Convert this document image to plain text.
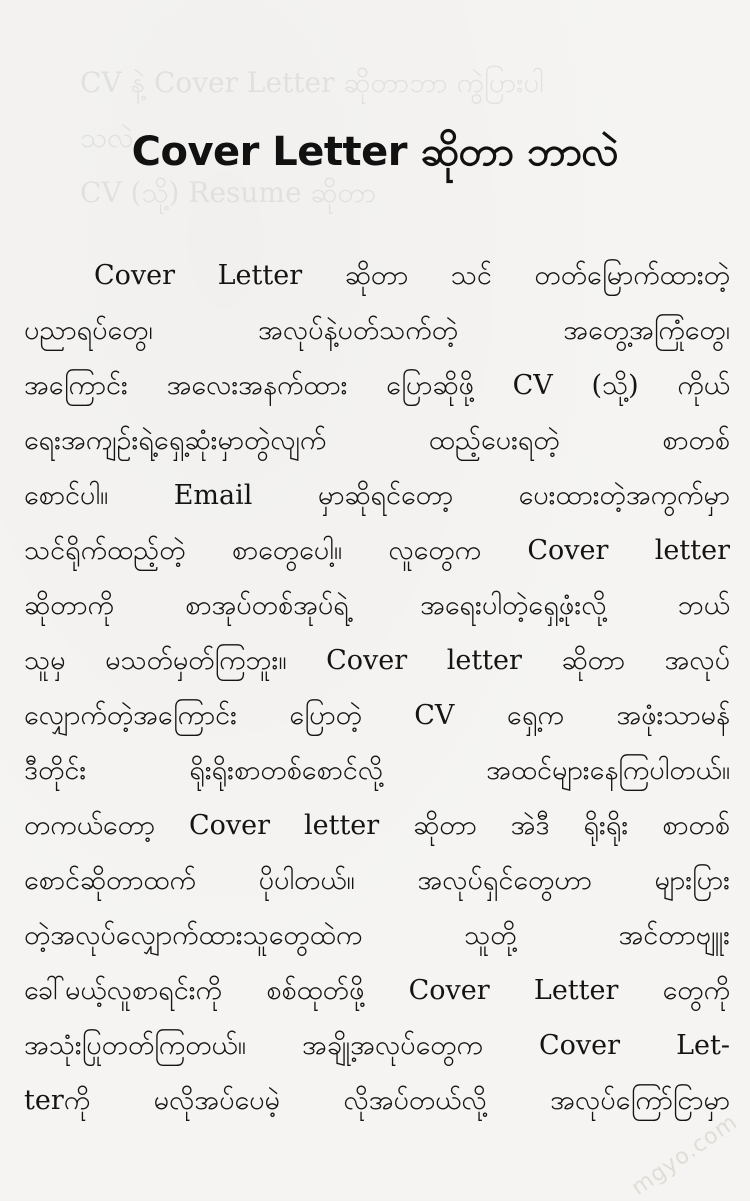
CV နဲ့ Cover Letter ဆိုတာဘာ ကွဲပြားပါ
သလဲ
CV (သို့) Resume ဆိုတာ
Cover Letter ဆိုတာ ဘာလဲ
Cover Letter ဆိုတာ သင် တတ်မြောက်ထားတဲ့
ပညာရပ်တွေ၊ အလုပ်နဲ့ပတ်သက်တဲ့ အတွေ့အကြုံတွေ၊
အကြောင်း အလေးအနက်ထား ပြောဆိုဖို့ CV (သို့) ကိုယ်
ရေးအကျဉ်းရဲ့ရှေ့ဆုံးမှာတွဲလျက် ထည့်ပေးရတဲ့ စာတစ်
စောင်ပါ။ Email မှာဆိုရင်တော့ ပေးထားတဲ့အကွက်မှာ
သင်ရိုက်ထည့်တဲ့ စာတွေပေါ့။ လူတွေက Cover letter
ဆိုတာကို စာအုပ်တစ်အုပ်ရဲ့ အရေးပါတဲ့ရှေ့ဖုံးလို့ ဘယ်
သူမှ မသတ်မှတ်ကြဘူး။ Cover letter ဆိုတာ အလုပ်
လျှောက်တဲ့အကြောင်း ပြောတဲ့ CV ရှေ့က အဖုံးသာမန်
ဒီတိုင်း ရိုးရိုးစာတစ်စောင်လို့ အထင်များနေကြပါတယ်။
တကယ်တော့ Cover letter ဆိုတာ အဲဒီ ရိုးရိုး စာတစ်
စောင်ဆိုတာထက် ပိုပါတယ်။ အလုပ်ရှင်တွေဟာ များပြား
တဲ့အလုပ်လျှောက်ထားသူတွေထဲက သူတို့ အင်တာဗျူး
ခေါ်မယ့်လူစာရင်းကို စစ်ထုတ်ဖို့ Cover Letter တွေကို
အသုံးပြုတတ်ကြတယ်။ အချို့အလုပ်တွေက Cover Let-
terကို မလိုအပ်ပေမဲ့ လိုအပ်တယ်လို့ အလုပ်ကြော်ငြာမှာ
mgyo.com
